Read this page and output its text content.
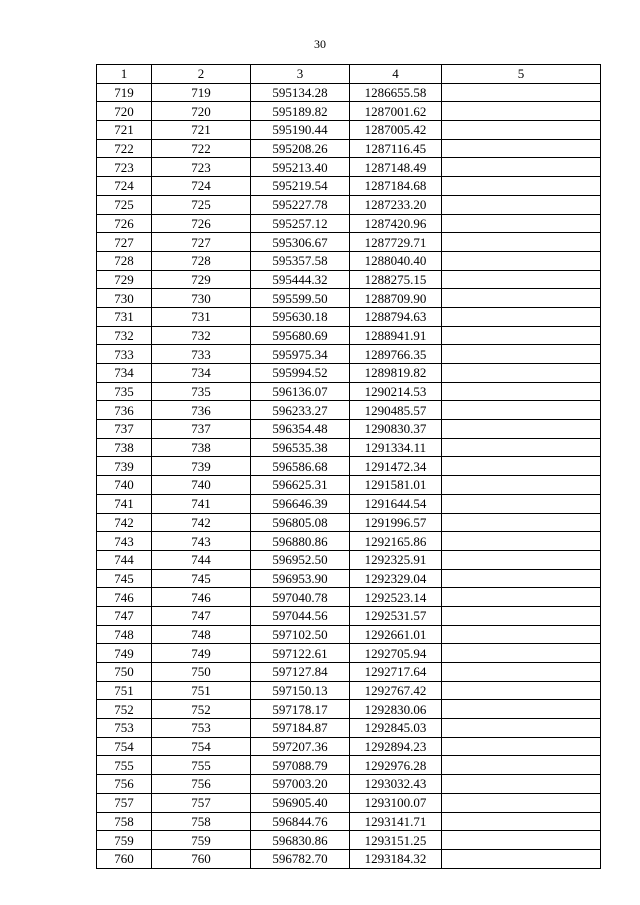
30
1	2	3	4	5
719	719	595134.28	1286655.58	
720	720	595189.82	1287001.62	
721	721	595190.44	1287005.42	
722	722	595208.26	1287116.45	
723	723	595213.40	1287148.49	
724	724	595219.54	1287184.68	
725	725	595227.78	1287233.20	
726	726	595257.12	1287420.96	
727	727	595306.67	1287729.71	
728	728	595357.58	1288040.40	
729	729	595444.32	1288275.15	
730	730	595599.50	1288709.90	
731	731	595630.18	1288794.63	
732	732	595680.69	1288941.91	
733	733	595975.34	1289766.35	
734	734	595994.52	1289819.82	
735	735	596136.07	1290214.53	
736	736	596233.27	1290485.57	
737	737	596354.48	1290830.37	
738	738	596535.38	1291334.11	
739	739	596586.68	1291472.34	
740	740	596625.31	1291581.01	
741	741	596646.39	1291644.54	
742	742	596805.08	1291996.57	
743	743	596880.86	1292165.86	
744	744	596952.50	1292325.91	
745	745	596953.90	1292329.04	
746	746	597040.78	1292523.14	
747	747	597044.56	1292531.57	
748	748	597102.50	1292661.01	
749	749	597122.61	1292705.94	
750	750	597127.84	1292717.64	
751	751	597150.13	1292767.42	
752	752	597178.17	1292830.06	
753	753	597184.87	1292845.03	
754	754	597207.36	1292894.23	
755	755	597088.79	1292976.28	
756	756	597003.20	1293032.43	
757	757	596905.40	1293100.07	
758	758	596844.76	1293141.71	
759	759	596830.86	1293151.25	
760	760	596782.70	1293184.32	
